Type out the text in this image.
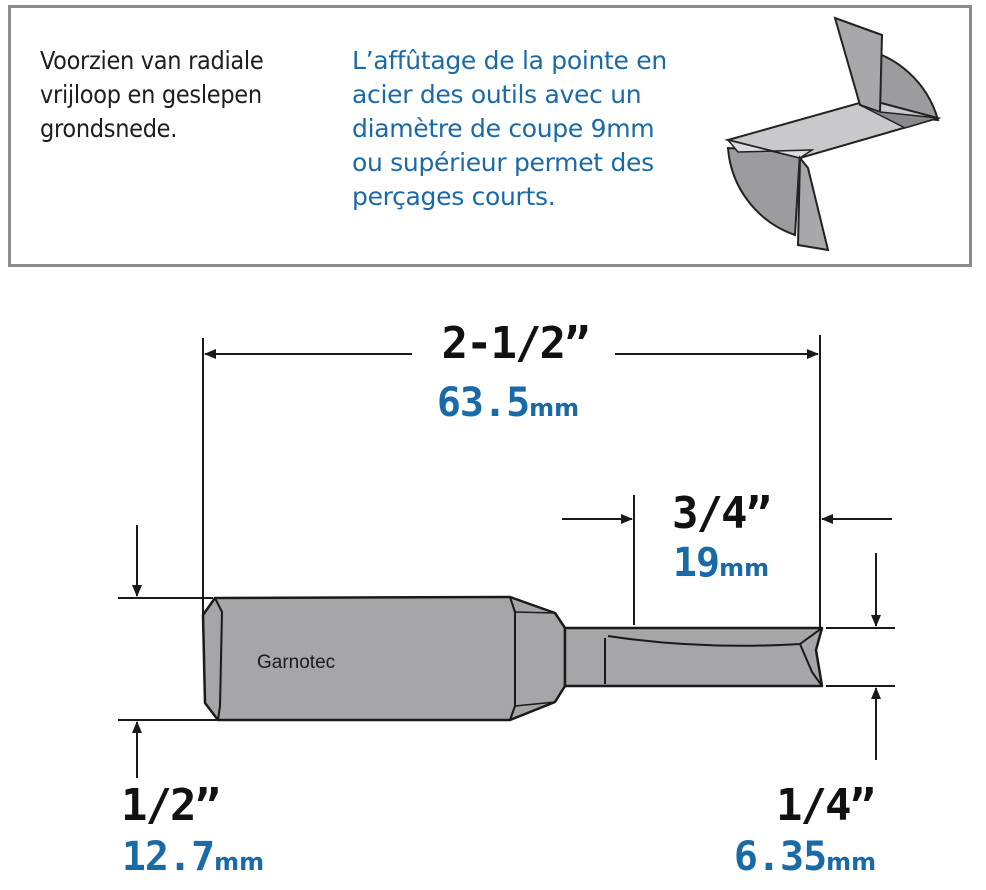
Voorzien van radiale
vrijloop en geslepen
grondsnede.
L’affûtage de la pointe en
acier des outils avec un
diamètre de coupe 9mm
ou supérieur permet des
perçages courts.
Garnotec
2-1/2”
63.5mm
3/4”
19mm
1/2”
12.7mm
1/4”
6.35mm
